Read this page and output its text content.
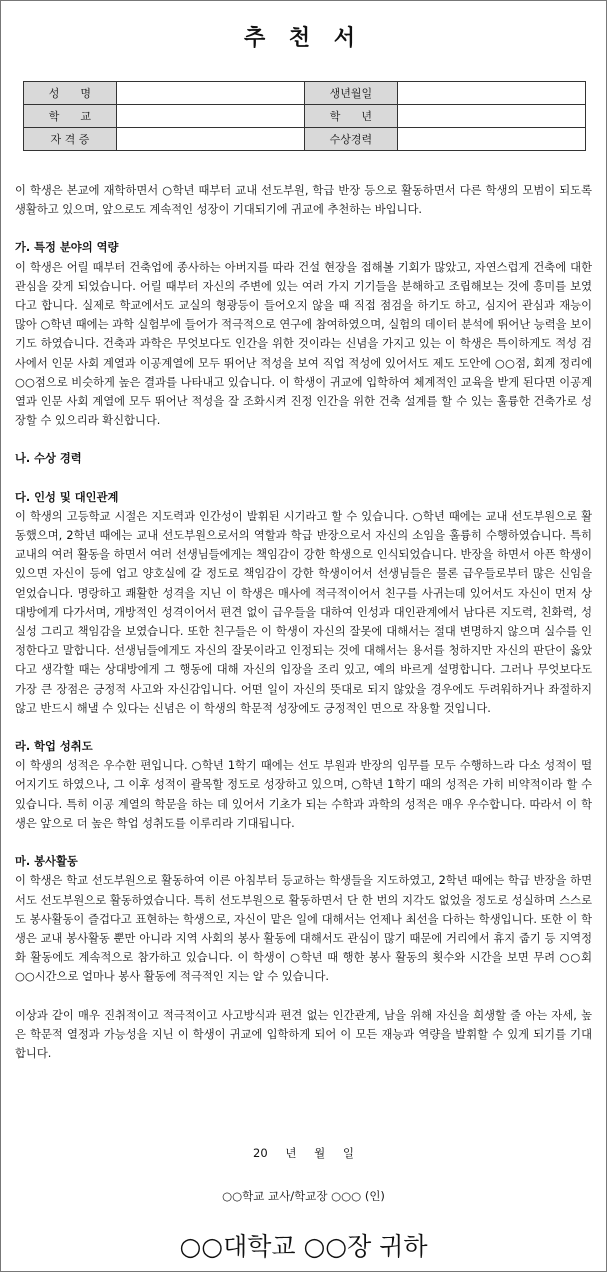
추 천 서
성      명		생년월일	
학      교		학      년	
자 격 증		수상경력	

이 학생은 본교에 재학하면서 ○학년 때부터 교내 선도부원, 학급 반장 등으로 활동하면서 다른 학생의 모범이 되도록 생활하고 있으며, 앞으로도 계속적인 성장이 기대되기에 귀교에 추천하는 바입니다.

가. 특정 분야의 역량

이 학생은 어릴 때부터 건축업에 종사하는 아버지를 따라 건설 현장을 접해볼 기회가 많았고, 자연스럽게 건축에 대한 관심을 갖게 되었습니다. 어릴 때부터 자신의 주변에 있는 여러 가지 기기들을 분해하고 조립해보는 것에 흥미를 보였다고 합니다. 실제로 학교에서도 교실의 형광등이 들어오지 않을 때 직접 점검을 하기도 하고, 심지어 관심과 재능이 많아 ○학년 때에는 과학 실험부에 들어가 적극적으로 연구에 참여하였으며, 실험의 데이터 분석에 뛰어난 능력을 보이기도 하였습니다. 건축과 과학은 무엇보다도 인간을 위한 것이라는 신념을 가지고 있는 이 학생은 특이하게도 적성 검사에서 인문 사회 계열과 이공계열에 모두 뛰어난 적성을 보여 직업 적성에 있어서도 제도 도안에 ○○점, 회계 정리에 ○○점으로 비슷하게 높은 결과를 나타내고 있습니다. 이 학생이 귀교에 입학하여 체계적인 교육을 받게 된다면 이공계열과 인문 사회 계열에 모두 뛰어난 적성을 잘 조화시켜 진정 인간을 위한 건축 설계를 할 수 있는 훌륭한 건축가로 성장할 수 있으리라 확신합니다.

나. 수상 경력

다. 인성 및 대인관계

이 학생의 고등학교 시절은 지도력과 인간성이 발휘된 시기라고 할 수 있습니다. ○학년 때에는 교내 선도부원으로 활동했으며, 2학년 때에는 교내 선도부원으로서의 역할과 학급 반장으로서 자신의 소임을 훌륭히 수행하였습니다. 특히 교내의 여러 활동을 하면서 여러 선생님들에게는 책임감이 강한 학생으로 인식되었습니다. 반장을 하면서 아픈 학생이 있으면 자신이 등에 업고 양호실에 갈 정도로 책임감이 강한 학생이어서 선생님들은 물론 급우들로부터 많은 신임을 얻었습니다. 명랑하고 쾌활한 성격을 지닌 이 학생은 매사에 적극적이어서 친구를 사귀는데 있어서도 자신이 먼저 상대방에게 다가서며, 개방적인 성격이어서 편견 없이 급우들을 대하여 인성과 대인관계에서 남다른 지도력, 친화력, 성실성 그리고 책임감을 보였습니다. 또한 친구들은 이 학생이 자신의 잘못에 대해서는 절대 변명하지 않으며 실수를 인정한다고 말합니다. 선생님들에게도 자신의 잘못이라고 인정되는 것에 대해서는 용서를 청하지만 자신의 판단이 옳았다고 생각할 때는 상대방에게 그 행동에 대해 자신의 입장을 조리 있고, 예의 바르게 설명합니다. 그러나 무엇보다도 가장 큰 장점은 긍정적 사고와 자신감입니다. 어떤 일이 자신의 뜻대로 되지 않았을 경우에도 두려워하거나 좌절하지 않고 반드시 해낼 수 있다는 신념은 이 학생의 학문적 성장에도 긍정적인 면으로 작용할 것입니다.

라. 학업 성취도

이 학생의 성적은 우수한 편입니다. ○학년 1학기 때에는 선도 부원과 반장의 임무를 모두 수행하느라 다소 성적이 떨어지기도 하였으나, 그 이후 성적이 괄목할 정도로 성장하고 있으며, ○학년 1학기 때의 성적은 가히 비약적이라 할 수 있습니다. 특히 이공 계열의 학문을 하는 데 있어서 기초가 되는 수학과 과학의 성적은 매우 우수합니다. 따라서 이 학생은 앞으로 더 높은 학업 성취도를 이루리라 기대됩니다.

마. 봉사활동

이 학생은 학교 선도부원으로 활동하여 이른 아침부터 등교하는 학생들을 지도하였고, 2학년 때에는 학급 반장을 하면서도 선도부원으로 활동하였습니다. 특히 선도부원으로 활동하면서 단 한 번의 지각도 없었을 정도로 성실하며 스스로도 봉사활동이 즐겁다고 표현하는 학생으로, 자신이 맡은 일에 대해서는 언제나 최선을 다하는 학생입니다. 또한 이 학생은 교내 봉사활동 뿐만 아니라 지역 사회의 봉사 활동에 대해서도 관심이 많기 때문에 거리에서 휴지 줍기 등 지역정화 활동에도 계속적으로 참가하고 있습니다. 이 학생이 ○학년 때 행한 봉사 활동의 횟수와 시간을 보면 무려 ○○회 ○○시간으로 얼마나 봉사 활동에 적극적인 지는 알 수 있습니다.

이상과 같이 매우 진취적이고 적극적이고 사고방식과 편견 없는 인간관계, 남을 위해 자신을 희생할 줄 아는 자세, 높은 학문적 열정과 가능성을 지닌 이 학생이 귀교에 입학하게 되어 이 모든 재능과 역량을 발휘할 수 있게 되기를 기대합니다.

20 년 월 일
○○학교 교사/학교장 ○○○ (인)
○○대학교 ○○장 귀하
